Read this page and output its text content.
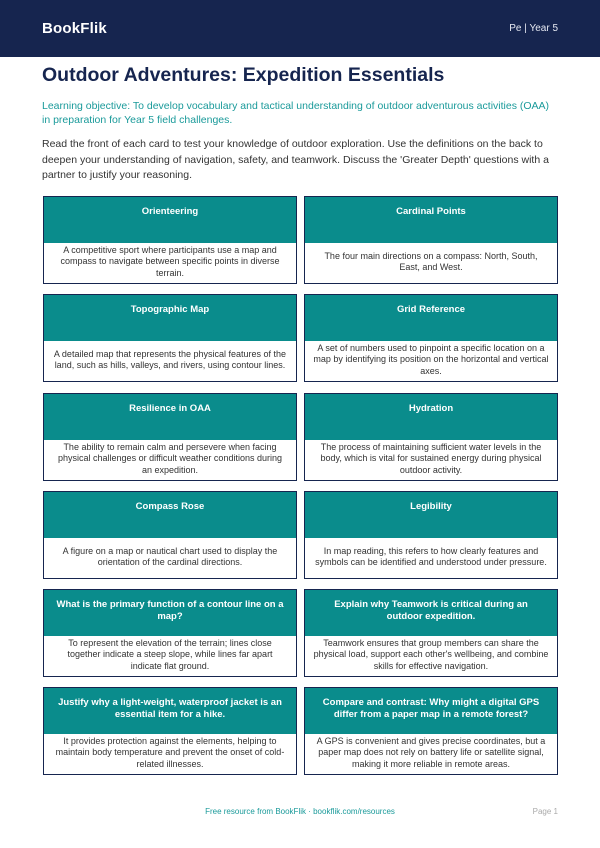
BookFlik	Pe | Year 5
Outdoor Adventures: Expedition Essentials

Learning objective: To develop vocabulary and tactical understanding of outdoor adventurous activities (OAA) in preparation for Year 5 field challenges.

Read the front of each card to test your knowledge of outdoor exploration. Use the definitions on the back to deepen your understanding of navigation, safety, and teamwork. Discuss the 'Greater Depth' questions with a partner to justify your reasoning.

Orienteering
A competitive sport where participants use a map and compass to navigate between specific points in diverse terrain.
Cardinal Points
The four main directions on a compass: North, South, East, and West.
Topographic Map
A detailed map that represents the physical features of the land, such as hills, valleys, and rivers, using contour lines.
Grid Reference
A set of numbers used to pinpoint a specific location on a map by identifying its position on the horizontal and vertical axes.
Resilience in OAA
The ability to remain calm and persevere when facing physical challenges or difficult weather conditions during an expedition.
Hydration
The process of maintaining sufficient water levels in the body, which is vital for sustained energy during physical outdoor activity.
Compass Rose
A figure on a map or nautical chart used to display the orientation of the cardinal directions.
Legibility
In map reading, this refers to how clearly features and symbols can be identified and understood under pressure.
What is the primary function of a contour line on a map?
To represent the elevation of the terrain; lines close together indicate a steep slope, while lines far apart indicate flat ground.
Explain why Teamwork is critical during an outdoor expedition.
Teamwork ensures that group members can share the physical load, support each other's wellbeing, and combine skills for effective navigation.
Justify why a light-weight, waterproof jacket is an essential item for a hike.
It provides protection against the elements, helping to maintain body temperature and prevent the onset of cold-related illnesses.
Compare and contrast: Why might a digital GPS differ from a paper map in a remote forest?
A GPS is convenient and gives precise coordinates, but a paper map does not rely on battery life or satellite signal, making it more reliable in remote areas.
Free resource from BookFlik · bookflik.com/resources	Page 1
